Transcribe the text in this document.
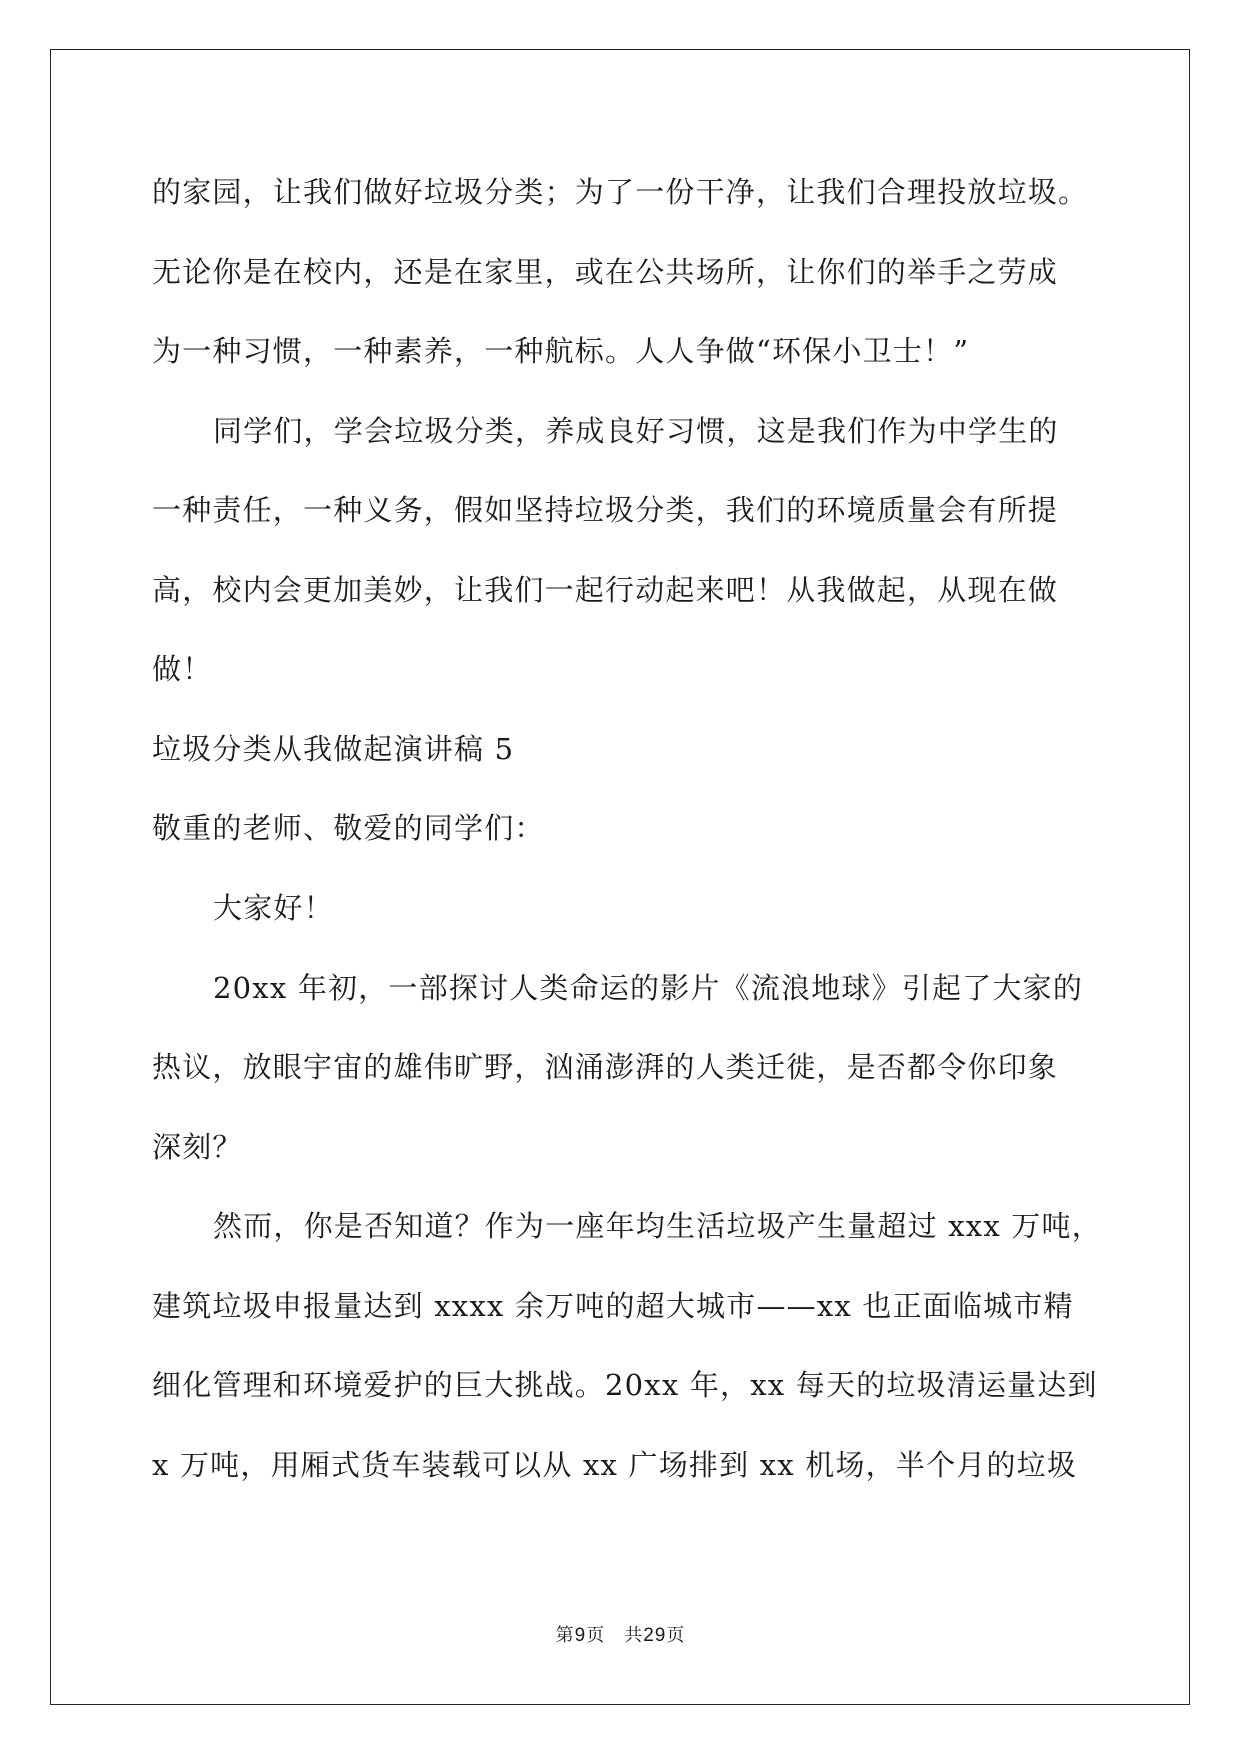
的家园，让我们做好垃圾分类；为了一份干净，让我们合理投放垃圾。
无论你是在校内，还是在家里，或在公共场所，让你们的举手之劳成
为一种习惯，一种素养，一种航标。人人争做“环保小卫士！”
同学们，学会垃圾分类，养成良好习惯，这是我们作为中学生的
一种责任，一种义务，假如坚持垃圾分类，我们的环境质量会有所提
高，校内会更加美妙，让我们一起行动起来吧！从我做起，从现在做
做！
垃圾分类从我做起演讲稿 5
敬重的老师、敬爱的同学们：
大家好！
20xx 年初，一部探讨人类命运的影片《流浪地球》引起了大家的
热议，放眼宇宙的雄伟旷野，汹涌澎湃的人类迁徙，是否都令你印象
深刻？
然而，你是否知道？作为一座年均生活垃圾产生量超过 xxx 万吨，
建筑垃圾申报量达到 xxxx 余万吨的超大城市——xx 也正面临城市精
细化管理和环境爱护的巨大挑战。20xx 年，xx 每天的垃圾清运量达到
x 万吨，用厢式货车装载可以从 xx 广场排到 xx 机场，半个月的垃圾
第9页　共29页
